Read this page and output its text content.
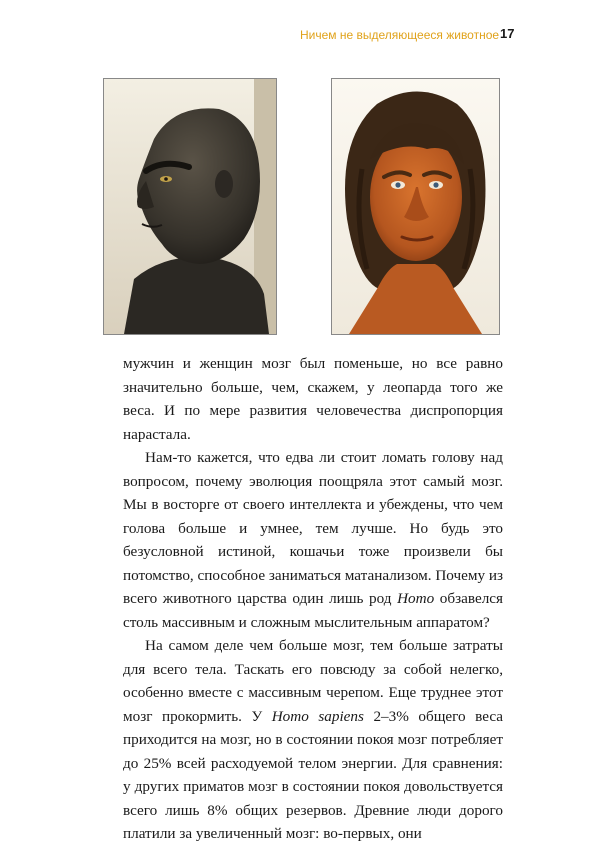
Ничем не выделяющееся животное 17

мужчин и женщин мозг был поменьше, но все равно значительно больше, чем, скажем, у леопарда того же веса. И по мере развития человечества диспропорция нарастала.

Нам-то кажется, что едва ли стоит ломать голову над вопросом, почему эволюция поощряла этот самый мозг. Мы в восторге от своего интеллекта и убеждены, что чем голова больше и умнее, тем лучше. Но будь это безусловной истиной, кошачьи тоже произвели бы потомство, способное заниматься матанализом. Почему из всего животного царства один лишь род Homo обзавелся столь массивным и сложным мыслительным аппаратом?

На самом деле чем больше мозг, тем больше затраты для всего тела. Таскать его повсюду за собой нелегко, особенно вместе с массивным черепом. Еще труднее этот мозг прокормить. У Homo sapiens 2–3% общего веса приходится на мозг, но в состоянии покоя мозг потребляет до 25% всей расходуемой телом энергии. Для сравнения: у других приматов мозг в состоянии покоя довольствуется всего лишь 8% общих резервов. Древние люди дорого платили за увеличенный мозг: во-первых, они
